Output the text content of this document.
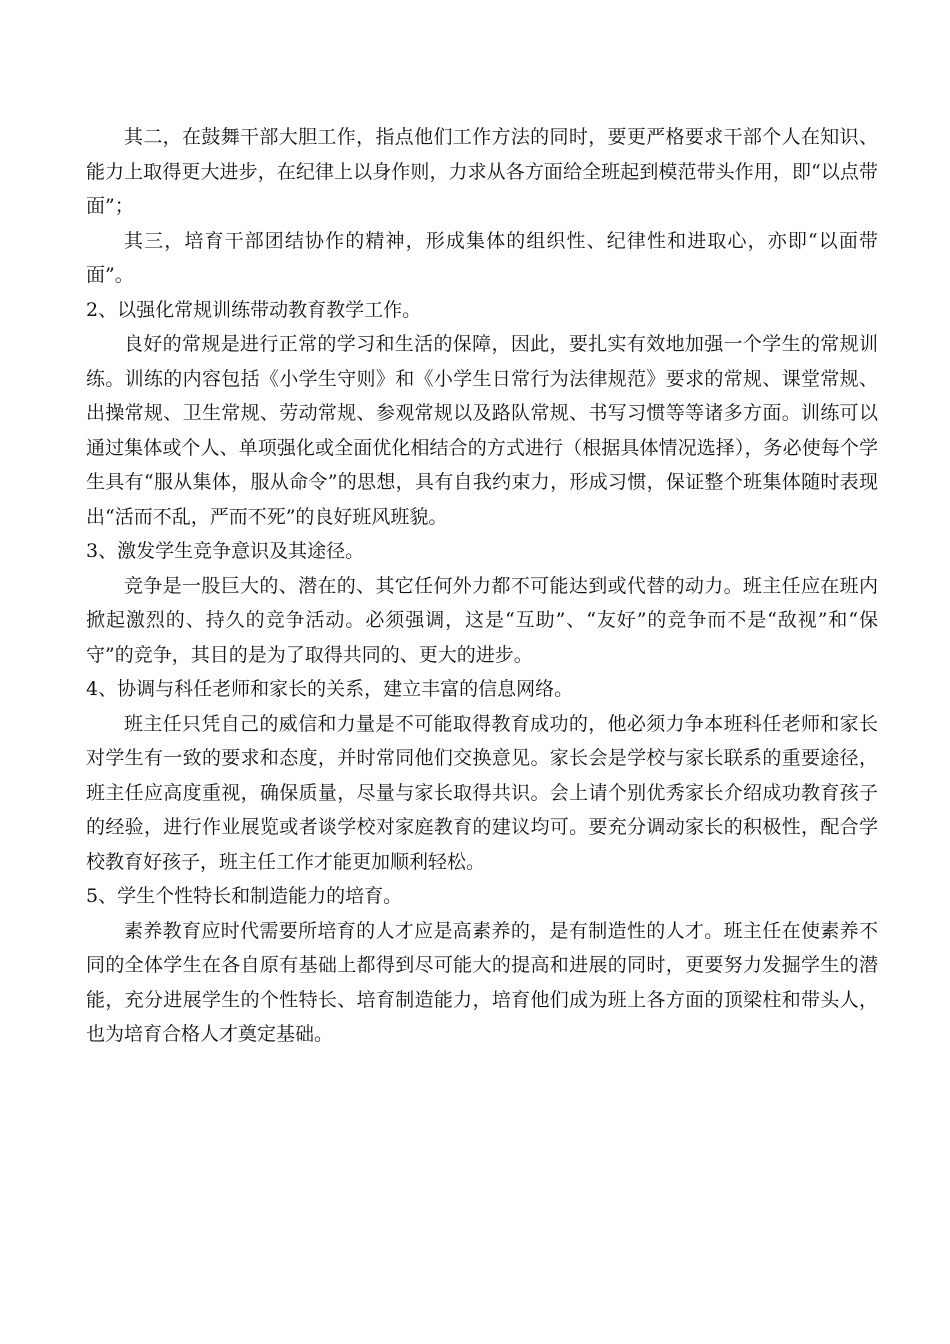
其二，在鼓舞干部大胆工作，指点他们工作方法的同时，要更严格要求干部个人在知识、能力上取得更大进步，在纪律上以身作则，力求从各方面给全班起到模范带头作用，即“以点带面”；

其三，培育干部团结协作的精神，形成集体的组织性、纪律性和进取心，亦即“以面带面”。

2、以强化常规训练带动教育教学工作。

良好的常规是进行正常的学习和生活的保障，因此，要扎实有效地加强一个学生的常规训练。训练的内容包括《小学生守则》和《小学生日常行为法律规范》要求的常规、课堂常规、出操常规、卫生常规、劳动常规、参观常规以及路队常规、书写习惯等等诸多方面。训练可以通过集体或个人、单项强化或全面优化相结合的方式进行（根据具体情况选择），务必使每个学生具有“服从集体，服从命令”的思想，具有自我约束力，形成习惯，保证整个班集体随时表现出“活而不乱，严而不死”的良好班风班貌。

3、激发学生竞争意识及其途径。

竞争是一股巨大的、潜在的、其它任何外力都不可能达到或代替的动力。班主任应在班内掀起激烈的、持久的竞争活动。必须强调，这是“互助”、“友好”的竞争而不是“敌视”和“保守”的竞争，其目的是为了取得共同的、更大的进步。

4、协调与科任老师和家长的关系，建立丰富的信息网络。

班主任只凭自己的威信和力量是不可能取得教育成功的，他必须力争本班科任老师和家长对学生有一致的要求和态度，并时常同他们交换意见。家长会是学校与家长联系的重要途径，班主任应高度重视，确保质量，尽量与家长取得共识。会上请个别优秀家长介绍成功教育孩子的经验，进行作业展览或者谈学校对家庭教育的建议均可。要充分调动家长的积极性，配合学校教育好孩子，班主任工作才能更加顺利轻松。

5、学生个性特长和制造能力的培育。

素养教育应时代需要所培育的人才应是高素养的，是有制造性的人才。班主任在使素养不同的全体学生在各自原有基础上都得到尽可能大的提高和进展的同时，更要努力发掘学生的潜能，充分进展学生的个性特长、培育制造能力，培育他们成为班上各方面的顶梁柱和带头人，也为培育合格人才奠定基础。
